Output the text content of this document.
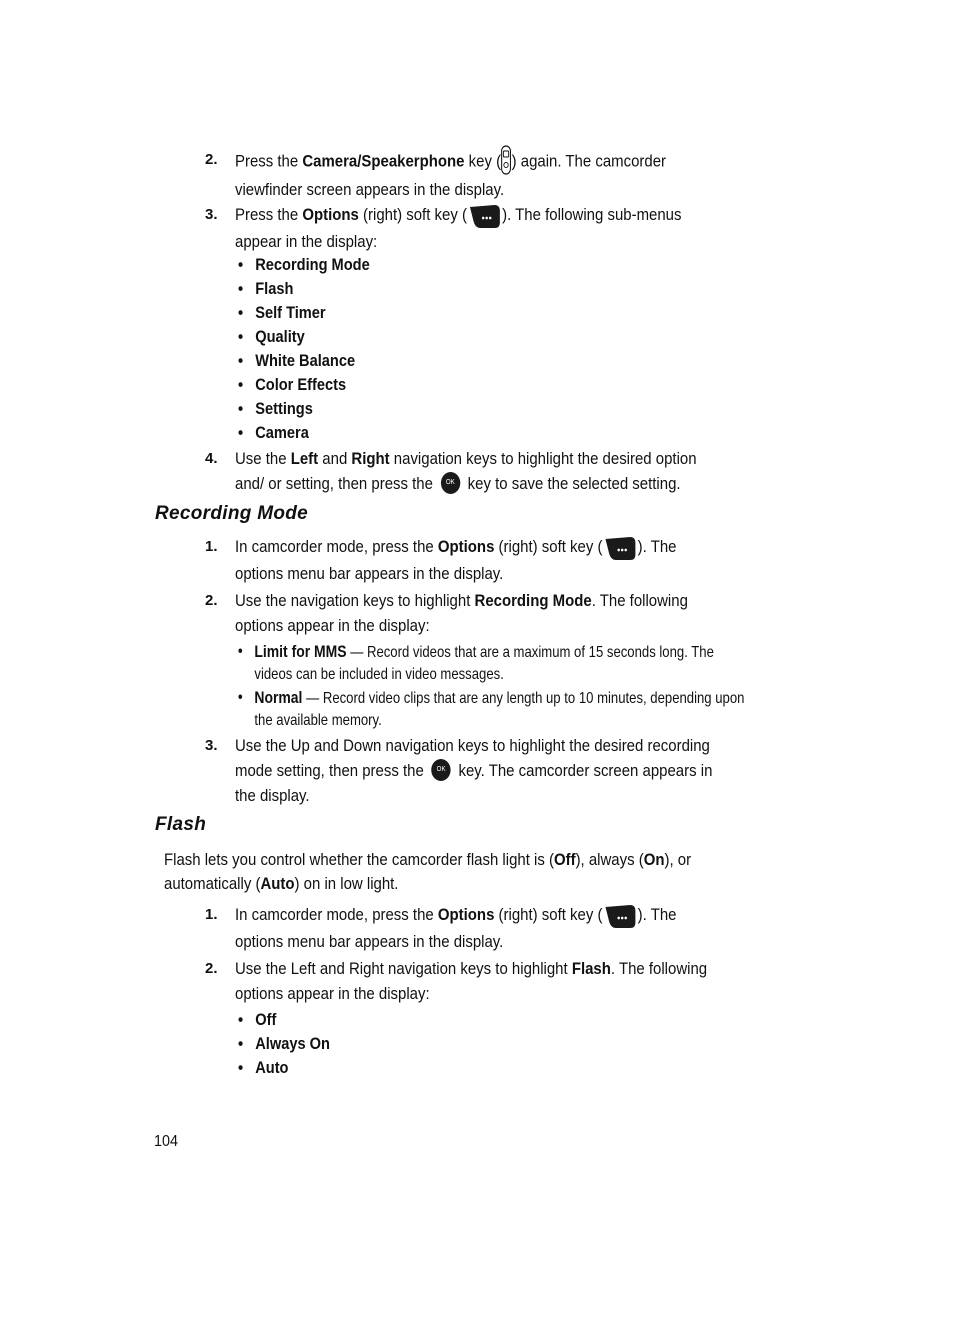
2. Press the Camera/Speakerphone key ( ) again. The camcorder viewfinder screen appears in the display.
3. Press the Options (right) soft key ( ). The following sub-menus appear in the display:
• Recording Mode
• Flash
• Self Timer
• Quality
• White Balance
• Color Effects
• Settings
• Camera
4. Use the Left and Right navigation keys to highlight the desired option and/ or setting, then press the OK key to save the selected setting.
Recording Mode
1. In camcorder mode, press the Options (right) soft key ( ). The options menu bar appears in the display.
2. Use the navigation keys to highlight Recording Mode. The following options appear in the display:
• Limit for MMS — Record videos that are a maximum of 15 seconds long. The videos can be included in video messages.
• Normal — Record video clips that are any length up to 10 minutes, depending upon the available memory.
3. Use the Up and Down navigation keys to highlight the desired recording mode setting, then press the OK key. The camcorder screen appears in the display.
Flash
Flash lets you control whether the camcorder flash light is (Off), always (On), or automatically (Auto) on in low light.
1. In camcorder mode, press the Options (right) soft key ( ). The options menu bar appears in the display.
2. Use the Left and Right navigation keys to highlight Flash. The following options appear in the display:
• Off
• Always On
• Auto
104
